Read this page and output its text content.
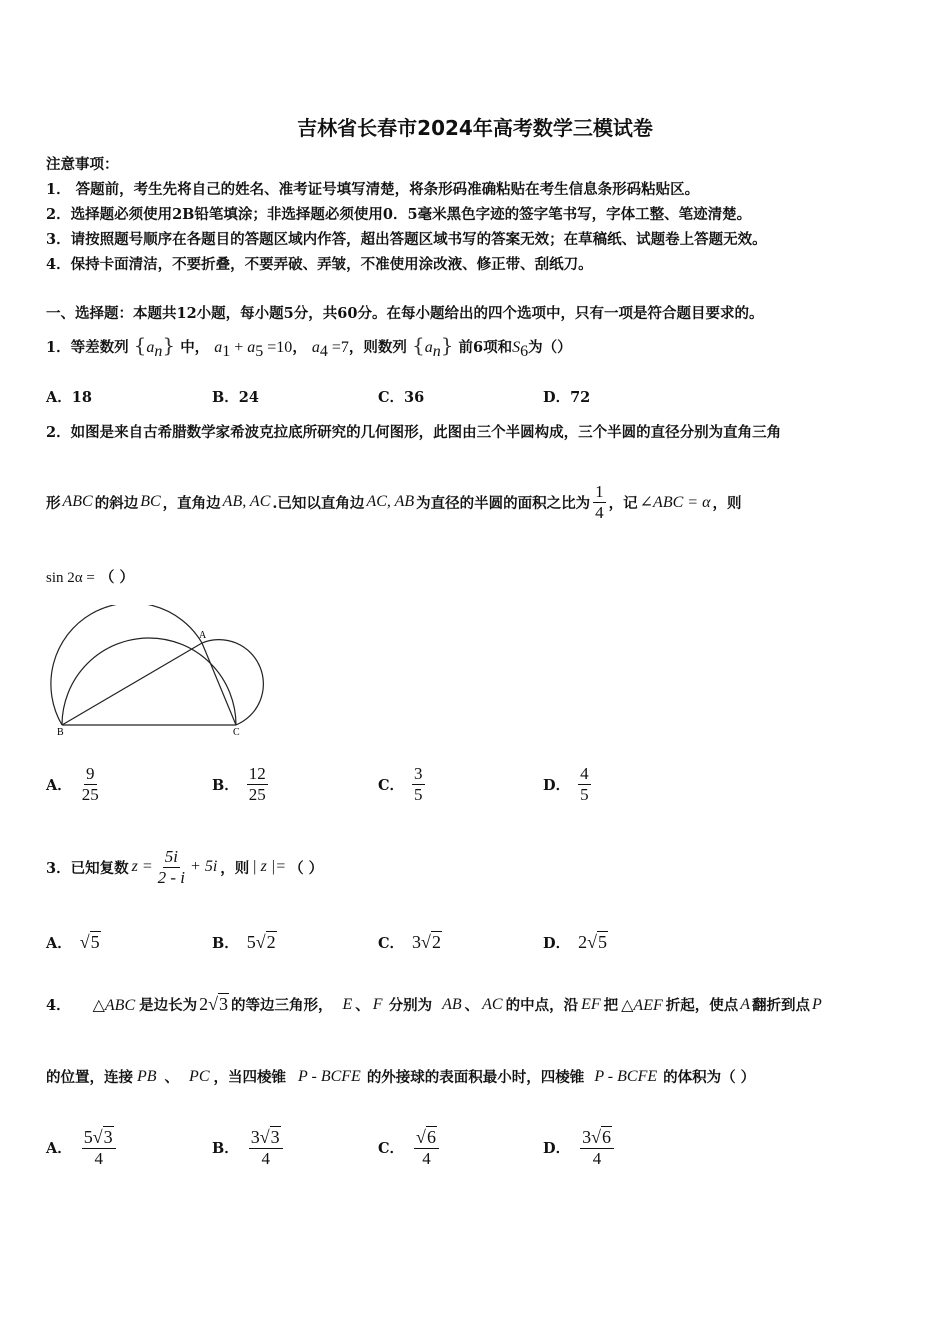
吉林省长春市2024年高考数学三模试卷
注意事项：
1． 答题前，考生先将自己的姓名、准考证号填写清楚，将条形码准确粘贴在考生信息条形码粘贴区。
2．选择题必须使用2B铅笔填涂；非选择题必须使用0．5毫米黑色字迹的签字笔书写，字体工整、笔迹清楚。
3．请按照题号顺序在各题目的答题区域内作答，超出答题区域书写的答案无效；在草稿纸、试题卷上答题无效。
4．保持卡面清洁，不要折叠，不要弄破、弄皱，不准使用涂改液、修正带、刮纸刀。
一、选择题：本题共12小题，每小题5分，共60分。在每小题给出的四个选项中，只有一项是符合题目要求的。
1．等差数列 $\{a_n\}$ 中， $a_1 + a_5 =10$， $a_4 =7$，则数列 $\{a_n\}$ 前6项和$S_6$为（）
A．18	B．24	C．36	D．72
2．如图是来自古希腊数学家希波克拉底所研究的几何图形，此图由三个半圆构成，三个半圆的直径分别为直角三角
形 ABC 的斜边 BC ，直角边 AB, AC .已知以直角边 AC, AB 为直径的半圆的面积之比为 $\frac{1}{4}$ ，记 ∠ABC = α ，则
sin 2α = （ ）
A
B	C
A． $\frac{9}{25}$	B． $\frac{12}{25}$	C． $\frac{3}{5}$	D． $\frac{4}{5}$
3．已知复数 $z = \frac{5i}{2 - i} + 5i$ ，则 | z |= （ ）
A． √5	B． 5√2	C． 3√2	D． 2√5
4． △ABC 是边长为 2√3 的等边三角形， E 、 F 分别为 AB 、 AC 的中点，沿 EF 把 △AEF 折起，使点 A 翻折到点 P
的位置，连接 PB 、 PC ，当四棱锥 P - BCFE 的外接球的表面积最小时，四棱锥 P - BCFE 的体积为（ ）
A． $\frac{5√3}{4}$	B． $\frac{3√3}{4}$	C． $\frac{√6}{4}$	D． $\frac{3√6}{4}$
